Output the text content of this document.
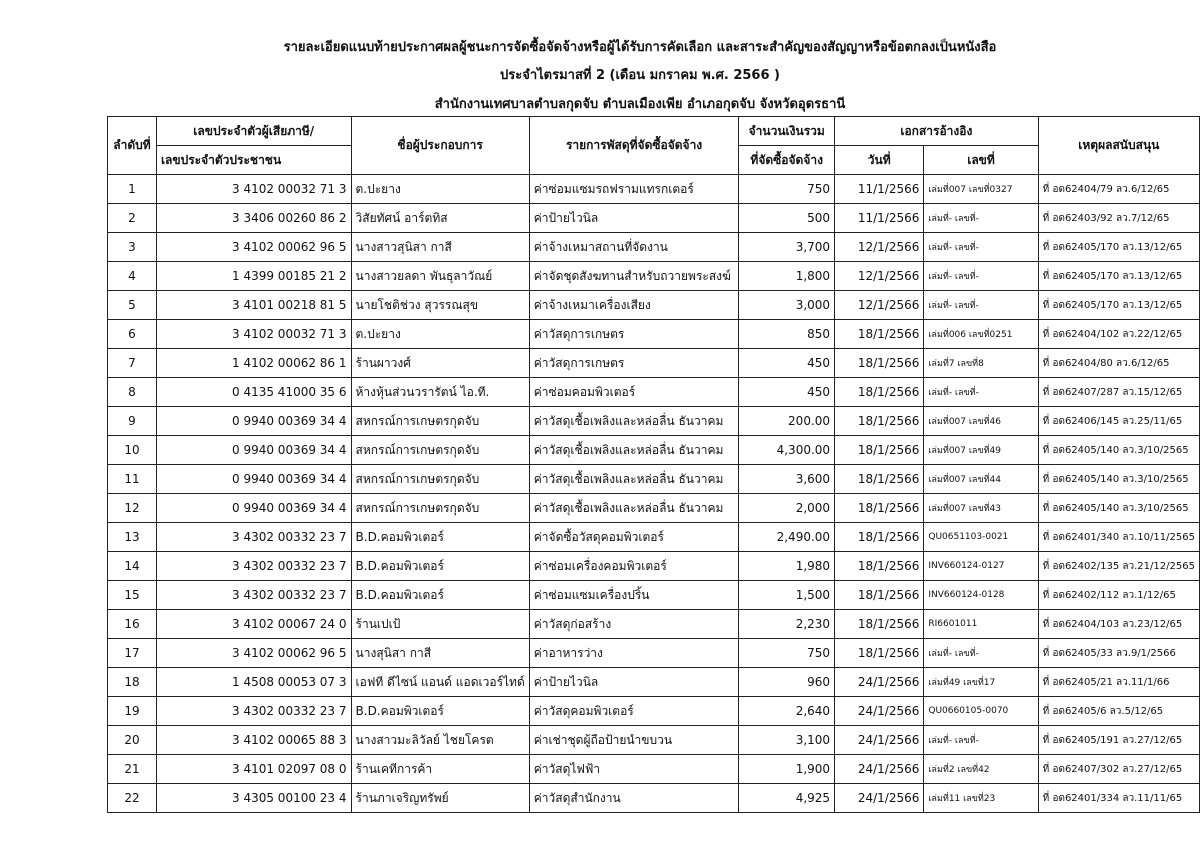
รายละเอียดแนบท้ายประกาศผลผู้ชนะการจัดซื้อจัดจ้างหรือผู้ได้รับการคัดเลือก และสาระสำคัญของสัญญาหรือข้อตกลงเป็นหนังสือ
ประจำไตรมาสที่ 2 (เดือน มกราคม พ.ศ. 2566 )
สำนักงานเทศบาลตำบลกุดจับ ตำบลเมืองเพีย อำเภอกุดจับ จังหวัดอุดรธานี
ลำดับที่	เลขประจำตัวผู้เสียภาษี/	ชื่อผู้ประกอบการ	รายการพัสดุที่จัดซื้อจัดจ้าง	จำนวนเงินรวม	เอกสารอ้างอิง		เหตุผลสนับสนุน
	เลขประจำตัวประชาชน			ที่จัดซื้อจัดจ้าง	วันที่	เลขที่	
1	3 4102 00032 71 3	ต.ปะยาง	ค่าซ่อมแซมรถฟรามแทรกเตอร์	750	11/1/2566	เล่มที่007 เลขที่0327	ที่ อด62404/79 ลว.6/12/65
2	3 3406 00260 86 2	วิสัยทัศน์ อาร์ตทิส	ค่าป้ายไวนิล	500	11/1/2566	เล่มที่- เลขที่-	ที่ อด62403/92 ลว.7/12/65
3	3 4102 00062 96 5	นางสาวสุนิสา กาสี	ค่าจ้างเหมาสถานที่จัดงาน	3,700	12/1/2566	เล่มที่- เลขที่-	ที่ อด62405/170 ลว.13/12/65
4	1 4399 00185 21 2	นางสาวยลดา พันธุลาวัณย์	ค่าจัดชุดสังฆทานสำหรับถวายพระสงฆ์	1,800	12/1/2566	เล่มที่- เลขที่-	ที่ อด62405/170 ลว.13/12/65
5	3 4101 00218 81 5	นายโชติช่วง สุวรรณสุข	ค่าจ้างเหมาเครื่องเสียง	3,000	12/1/2566	เล่มที่- เลขที่-	ที่ อด62405/170 ลว.13/12/65
6	3 4102 00032 71 3	ต.ปะยาง	ค่าวัสดุการเกษตร	850	18/1/2566	เล่มที่006 เลขที่0251	ที่ อด62404/102 ลว.22/12/65
7	1 4102 00062 86 1	ร้านผาวงศ์	ค่าวัสดุการเกษตร	450	18/1/2566	เล่มที่7 เลขที่8	ที่ อด62404/80 ลว.6/12/65
8	0 4135 41000 35 6	ห้างหุ้นส่วนวรารัตน์ ไอ.ที.	ค่าซ่อมคอมพิวเตอร์	450	18/1/2566	เล่มที่- เลขที่-	ที่ อด62407/287 ลว.15/12/65
9	0 9940 00369 34 4	สหกรณ์การเกษตรกุดจับ	ค่าวัสดุเชื้อเพลิงและหล่อลื่น ธันวาคม	200.00	18/1/2566	เล่มที่007 เลขที่46	ที่ อด62406/145 ลว.25/11/65
10	0 9940 00369 34 4	สหกรณ์การเกษตรกุดจับ	ค่าวัสดุเชื้อเพลิงและหล่อลื่น ธันวาคม	4,300.00	18/1/2566	เล่มที่007 เลขที่49	ที่ อด62405/140 ลว.3/10/2565
11	0 9940 00369 34 4	สหกรณ์การเกษตรกุดจับ	ค่าวัสดุเชื้อเพลิงและหล่อลื่น ธันวาคม	3,600	18/1/2566	เล่มที่007 เลขที่44	ที่ อด62405/140 ลว.3/10/2565
12	0 9940 00369 34 4	สหกรณ์การเกษตรกุดจับ	ค่าวัสดุเชื้อเพลิงและหล่อลื่น ธันวาคม	2,000	18/1/2566	เล่มที่007 เลขที่43	ที่ อด62405/140 ลว.3/10/2565
13	3 4302 00332 23 7	B.D.คอมพิวเตอร์	ค่าจัดซื้อวัสดุคอมพิวเตอร์	2,490.00	18/1/2566	QU0651103-0021	ที่ อด62401/340 ลว.10/11/2565
14	3 4302 00332 23 7	B.D.คอมพิวเตอร์	ค่าซ่อมเครื่องคอมพิวเตอร์	1,980	18/1/2566	INV660124-0127	ที่ อด62402/135 ลว.21/12/2565
15	3 4302 00332 23 7	B.D.คอมพิวเตอร์	ค่าซ่อมแซมเครื่องปริ้น	1,500	18/1/2566	INV660124-0128	ที่ อด62402/112 ลว.1/12/65
16	3 4102 00067 24 0	ร้านเปเป้	ค่าวัสดุก่อสร้าง	2,230	18/1/2566	RI6601011	ที่ อด62404/103 ลว.23/12/65
17	3 4102 00062 96 5	นางสุนิสา กาสี	ค่าอาหารว่าง	750	18/1/2566	เล่มที่- เลขที่-	ที่ อด62405/33 ลว.9/1/2566
18	1 4508 00053 07 3	เอฟที ดีไซน์ แอนด์ แอดเวอร์ไทด์	ค่าป้ายไวนิล	960	24/1/2566	เล่มที่49 เลขที่17	ที่ อด62405/21 ลว.11/1/66
19	3 4302 00332 23 7	B.D.คอมพิวเตอร์	ค่าวัสดุคอมพิวเตอร์	2,640	24/1/2566	QU0660105-0070	ที่ อด62405/6 ลว.5/12/65
20	3 4102 00065 88 3	นางสาวมะลิวัลย์ ไชยโครต	ค่าเช่าชุดผู้ถือป้ายนำขบวน	3,100	24/1/2566	เล่มที่- เลขที่-	ที่ อด62405/191 ลว.27/12/65
21	3 4101 02097 08 0	ร้านเคทีการค้า	ค่าวัสดุไฟฟ้า	1,900	24/1/2566	เล่มที่2 เลขที่42	ที่ อด62407/302 ลว.27/12/65
22	3 4305 00100 23 4	ร้านภาเจริญทรัพย์	ค่าวัสดุสำนักงาน	4,925	24/1/2566	เล่มที่11 เลขที่23	ที่ อด62401/334 ลว.11/11/65
